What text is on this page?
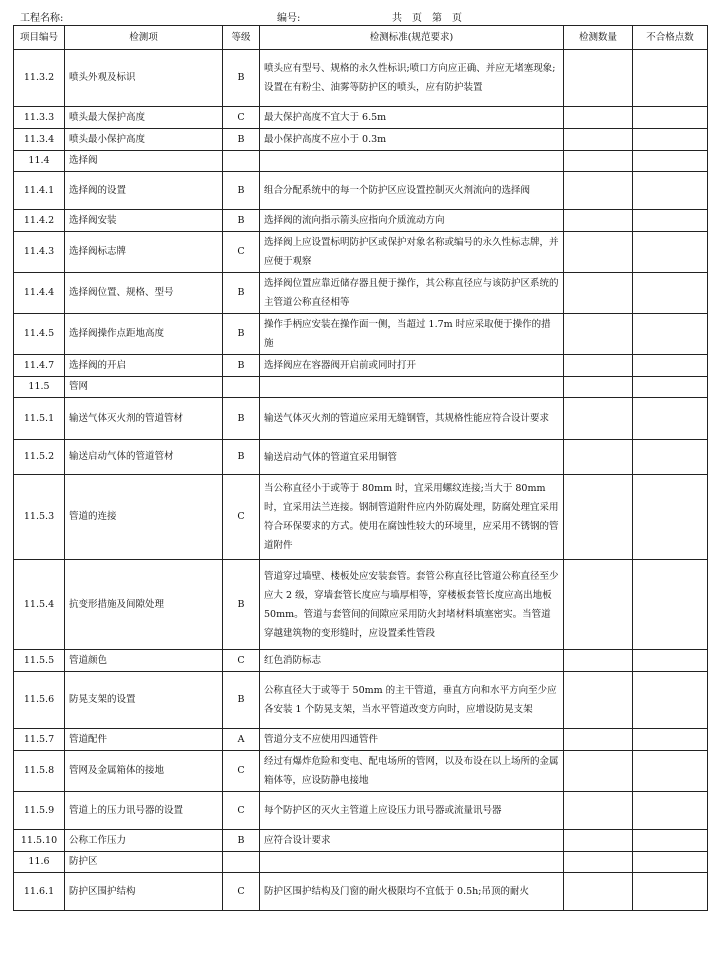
工程名称:	编号:	共　页　第　页
项目编号	检测项	等级	检测标准(规范要求)	检测数量	不合格点数
11.3.2	喷头外观及标识	B	喷头应有型号、规格的永久性标识;喷口方向应正确、并应无堵塞现象;设置在有粉尘、油雾等防护区的喷头，应有防护装置		
11.3.3	喷头最大保护高度	C	最大保护高度不宜大于 6.5m		
11.3.4	喷头最小保护高度	B	最小保护高度不应小于 0.3m		
11.4	选择阀				
11.4.1	选择阀的设置	B	组合分配系统中的每一个防护区应设置控制灭火剂流向的选择阀		
11.4.2	选择阀安装	B	选择阀的流向指示箭头应指向介质流动方向		
11.4.3	选择阀标志牌	C	选择阀上应设置标明防护区或保护对象名称或编号的永久性标志牌，并应便于观察		
11.4.4	选择阀位置、规格、型号	B	选择阀位置应靠近储存器且便于操作，其公称直径应与该防护区系统的主管道公称直径相等		
11.4.5	选择阀操作点距地高度	B	操作手柄应安装在操作面一侧，当超过 1.7m 时应采取便于操作的措施		
11.4.7	选择阀的开启	B	选择阀应在容器阀开启前或同时打开		
11.5	管网				
11.5.1	输送气体灭火剂的管道管材	B	输送气体灭火剂的管道应采用无缝钢管，其规格性能应符合设计要求		
11.5.2	输送启动气体的管道管材	B	输送启动气体的管道宜采用铜管		
11.5.3	管道的连接	C	当公称直径小于或等于 80mm 时，宜采用螺纹连接;当大于 80mm 时，宜采用法兰连接。钢制管道附件应内外防腐处理，防腐处理宜采用符合环保要求的方式。使用在腐蚀性较大的环境里，应采用不锈钢的管道附件		
11.5.4	抗变形措施及间隙处理	B	管道穿过墙壁、楼板处应安装套管。套管公称直径比管道公称直径至少应大 2 级，穿墙套管长度应与墙厚相等，穿楼板套管长度应高出地板 50mm。管道与套管间的间隙应采用防火封堵材料填塞密实。当管道穿越建筑物的变形缝时，应设置柔性管段		
11.5.5	管道颜色	C	红色消防标志		
11.5.6	防晃支架的设置	B	公称直径大于或等于 50mm 的主干管道，垂直方向和水平方向至少应各安装 1 个防晃支架，当水平管道改变方向时，应增设防晃支架		
11.5.7	管道配件	A	管道分支不应使用四通管件		
11.5.8	管网及金属箱体的接地	C	经过有爆炸危险和变电、配电场所的管网，以及布设在以上场所的金属箱体等，应设防静电接地		
11.5.9	管道上的压力讯号器的设置	C	每个防护区的灭火主管道上应设压力讯号器或流量讯号器		
11.5.10	公称工作压力	B	应符合设计要求		
11.6	防护区				
11.6.1	防护区围护结构	C	防护区围护结构及门窗的耐火极限均不宜低于 0.5h;吊顶的耐火		
